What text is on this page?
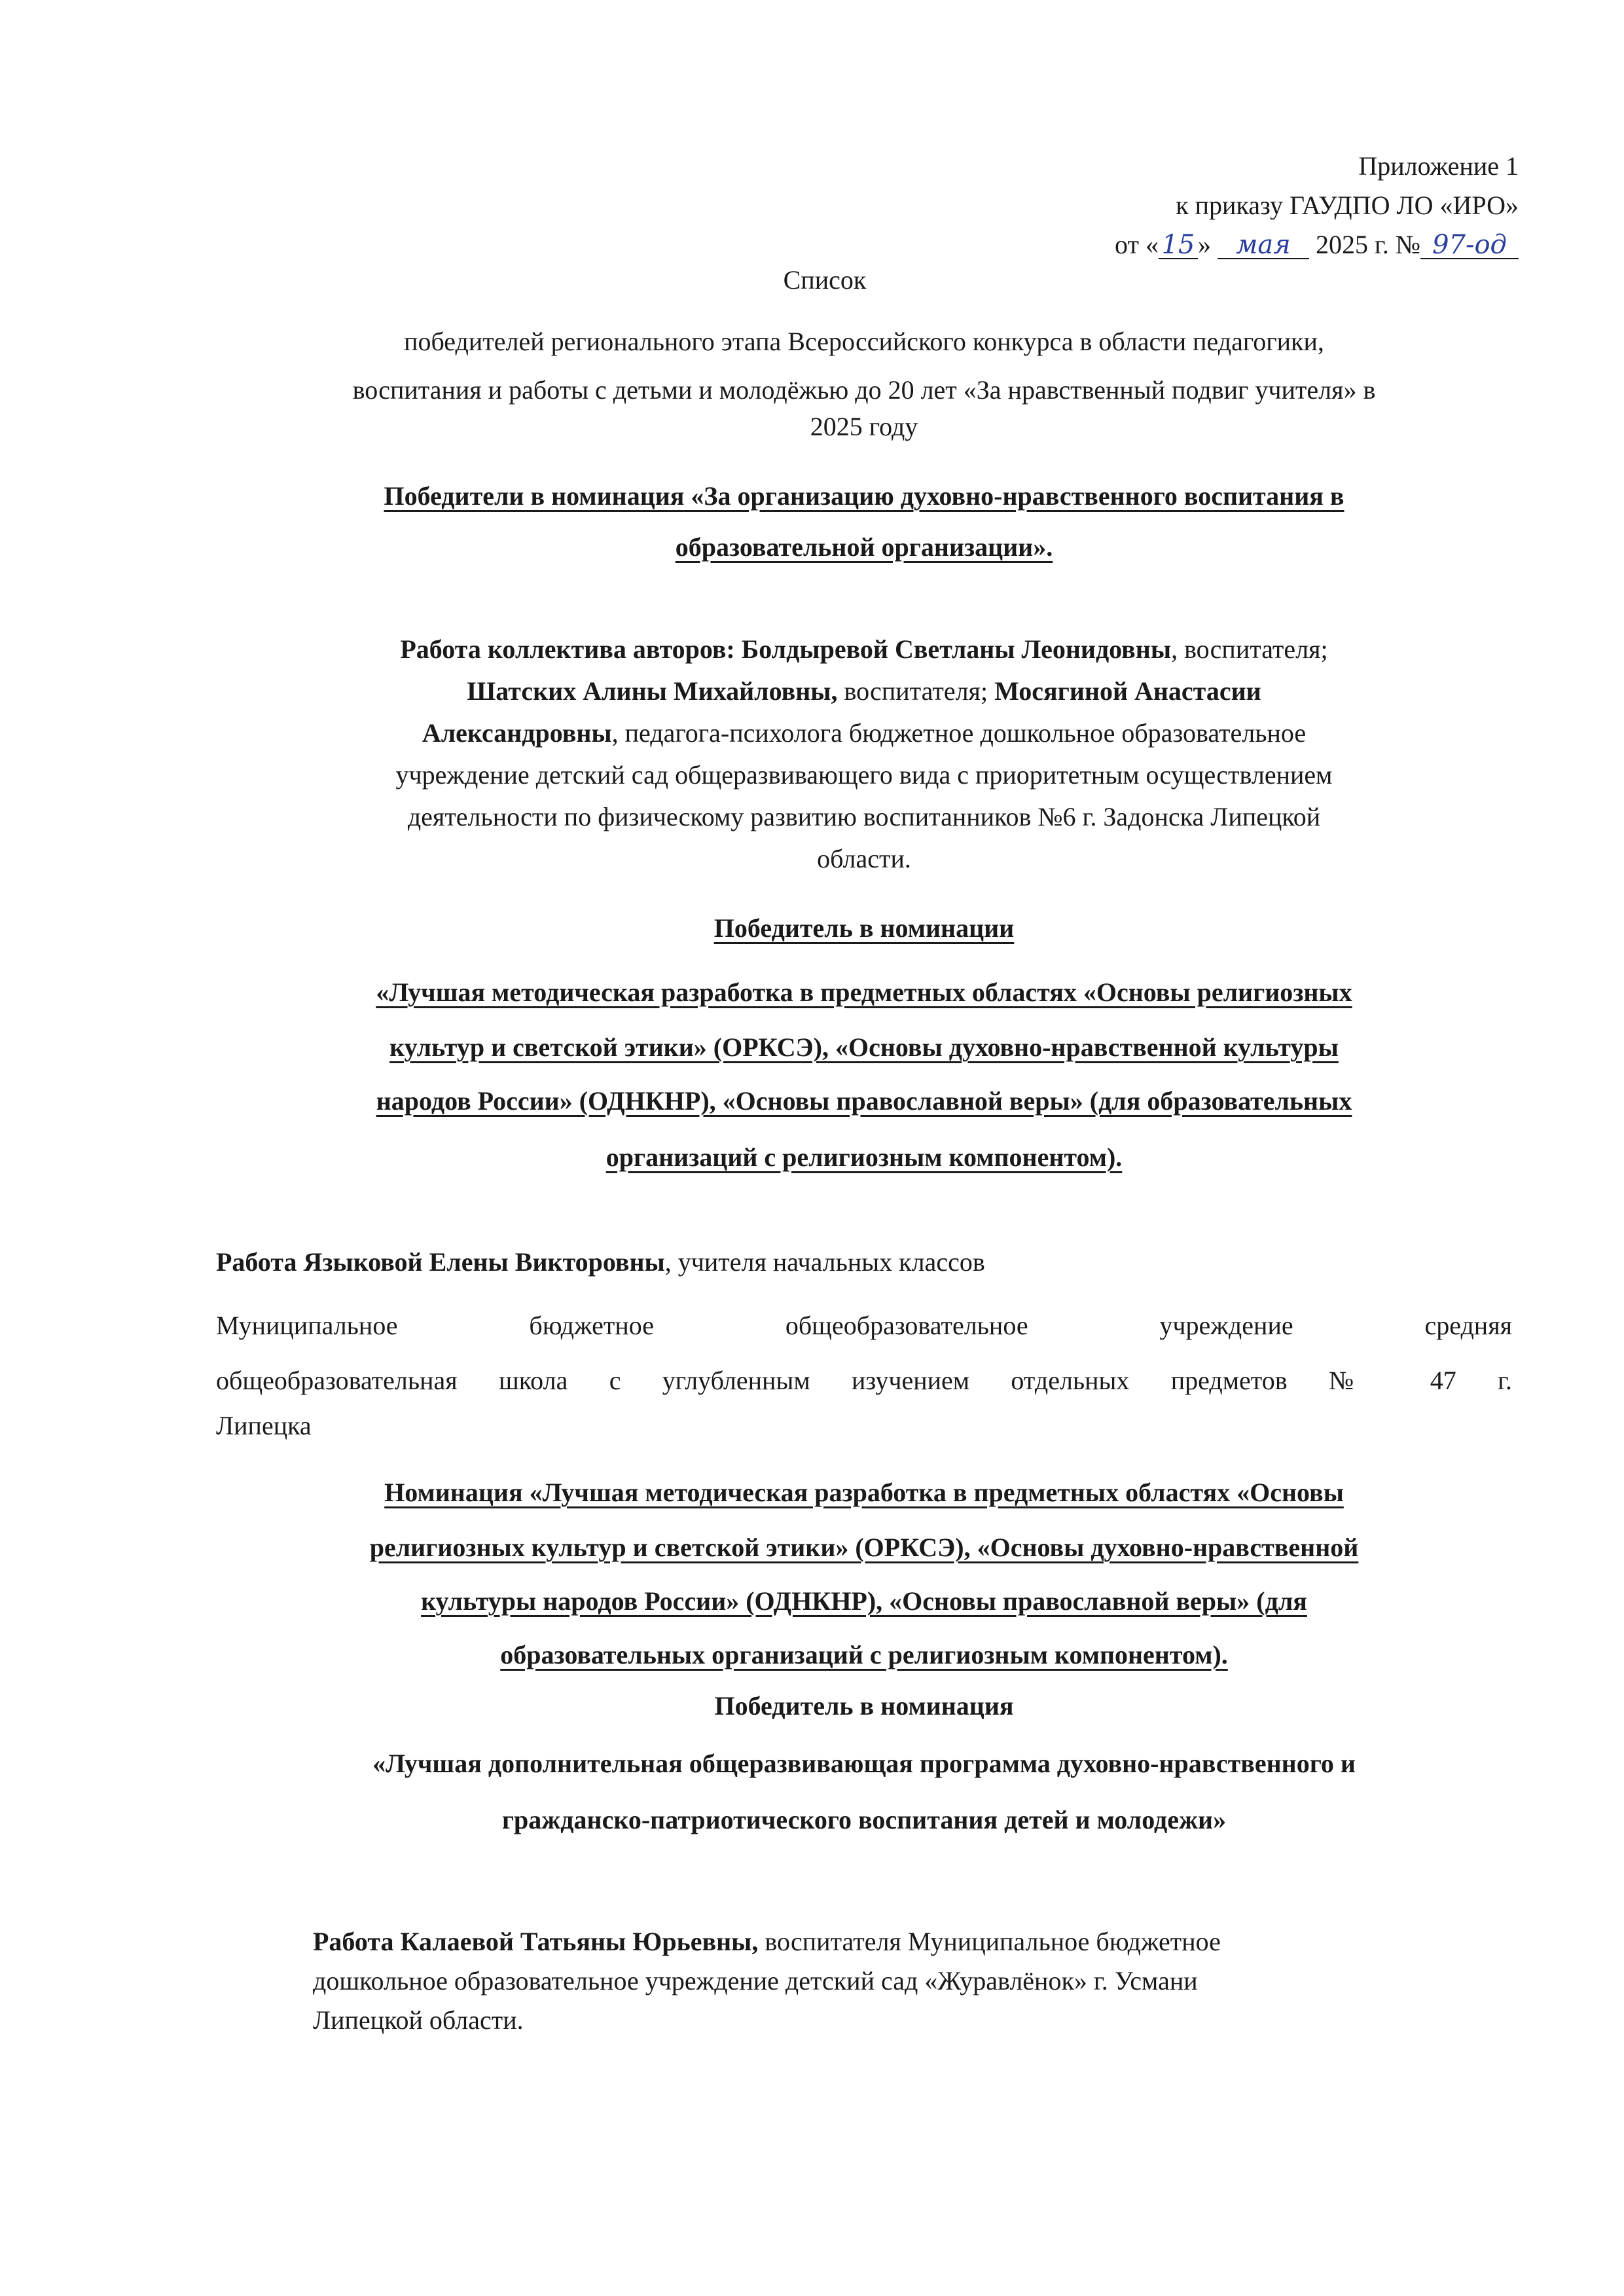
Приложение 1
к приказу ГАУДПО ЛО «ИРО»
от « 15 » мая 2025 г. № 97-од
Список
победителей регионального этапа Всероссийского конкурса в области педагогики,
воспитания и работы с детьми и молодёжью до 20 лет «За нравственный подвиг учителя» в
2025 году
Победители в номинация «За организацию духовно-нравственного воспитания в
образовательной организации».
Работа коллектива авторов: Болдыревой Светланы Леонидовны, воспитателя;
Шатских Алины Михайловны, воспитателя; Мосягиной Анастасии
Александровны, педагога-психолога бюджетное дошкольное образовательное
учреждение детский сад общеразвивающего вида с приоритетным осуществлением
деятельности по физическому развитию воспитанников №6 г. Задонска Липецкой
области.
Победитель в номинации
«Лучшая методическая разработка в предметных областях «Основы религиозных
культур и светской этики» (ОРКСЭ), «Основы духовно-нравственной культуры
народов России» (ОДНКНР), «Основы православной веры» (для образовательных
организаций с религиозным компонентом).
Работа Языковой Елены Викторовны, учителя начальных классов
Муниципальное бюджетное общеобразовательное учреждение средняя
общеобразовательная школа с углубленным изучением отдельных предметов № 47 г.
Липецка
Номинация «Лучшая методическая разработка в предметных областях «Основы
религиозных культур и светской этики» (ОРКСЭ), «Основы духовно-нравственной
культуры народов России» (ОДНКНР), «Основы православной веры» (для
образовательных организаций с религиозным компонентом).
Победитель в номинация
«Лучшая дополнительная общеразвивающая программа духовно-нравственного и
гражданско-патриотического воспитания детей и молодежи»
Работа Калаевой Татьяны Юрьевны, воспитателя Муниципальное бюджетное
дошкольное образовательное учреждение детский сад «Журавлёнок» г. Усмани
Липецкой области.
